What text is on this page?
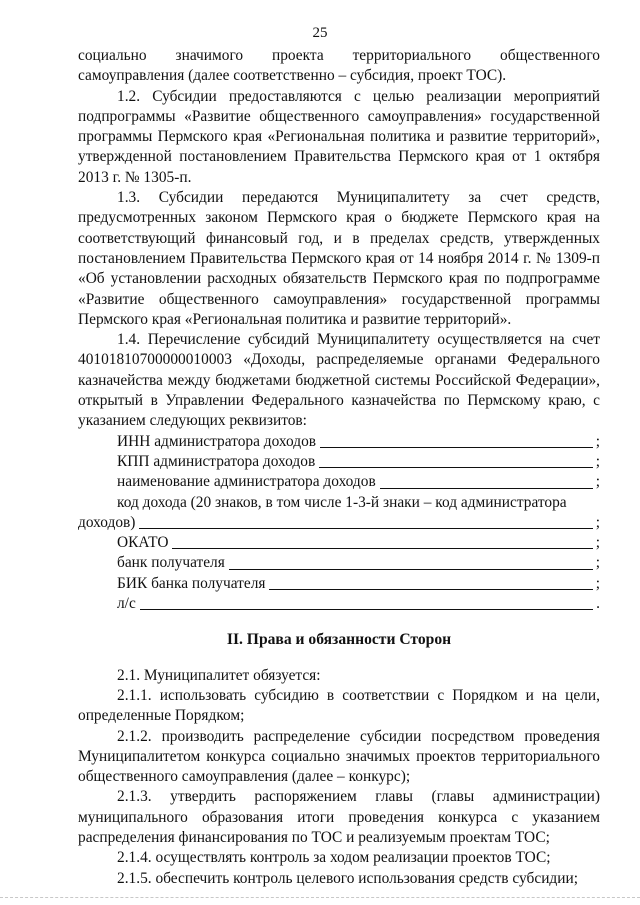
25

социально значимого проекта территориального общественного самоуправления (далее соответственно – субсидия, проект ТОС).

1.2. Субсидии предоставляются с целью реализации мероприятий подпрограммы «Развитие общественного самоуправления» государственной программы Пермского края «Региональная политика и развитие территорий», утвержденной постановлением Правительства Пермского края от 1 октября 2013 г. № 1305-п.

1.3. Субсидии передаются Муниципалитету за счет средств, предусмотренных законом Пермского края о бюджете Пермского края на соответствующий финансовый год, и в пределах средств, утвержденных постановлением Правительства Пермского края от 14 ноября 2014 г. № 1309-п «Об установлении расходных обязательств Пермского края по подпрограмме «Развитие общественного самоуправления» государственной программы Пермского края «Региональная политика и развитие территорий».

1.4. Перечисление субсидий Муниципалитету осуществляется на счет 40101810700000010003 «Доходы, распределяемые органами Федерального казначейства между бюджетами бюджетной системы Российской Федерации», открытый в Управлении Федерального казначейства по Пермскому краю, с указанием следующих реквизитов:

ИНН администратора доходов	;
КПП администратора доходов	;
наименование администратора доходов	;

код дохода (20 знаков, в том числе 1-3-й знаки – код администратора

доходов)	;
ОКАТО	;
банк получателя	;
БИК банка получателя	;
л/с	.
II. Права и обязанности Сторон

2.1. Муниципалитет обязуется:

2.1.1. использовать субсидию в соответствии с Порядком и на цели, определенные Порядком;

2.1.2. производить распределение субсидии посредством проведения Муниципалитетом конкурса социально значимых проектов территориального общественного самоуправления (далее – конкурс);

2.1.3. утвердить распоряжением главы (главы администрации) муниципального образования итоги проведения конкурса с указанием распределения финансирования по ТОС и реализуемым проектам ТОС;

2.1.4. осуществлять контроль за ходом реализации проектов ТОС;

2.1.5. обеспечить контроль целевого использования средств субсидии;
